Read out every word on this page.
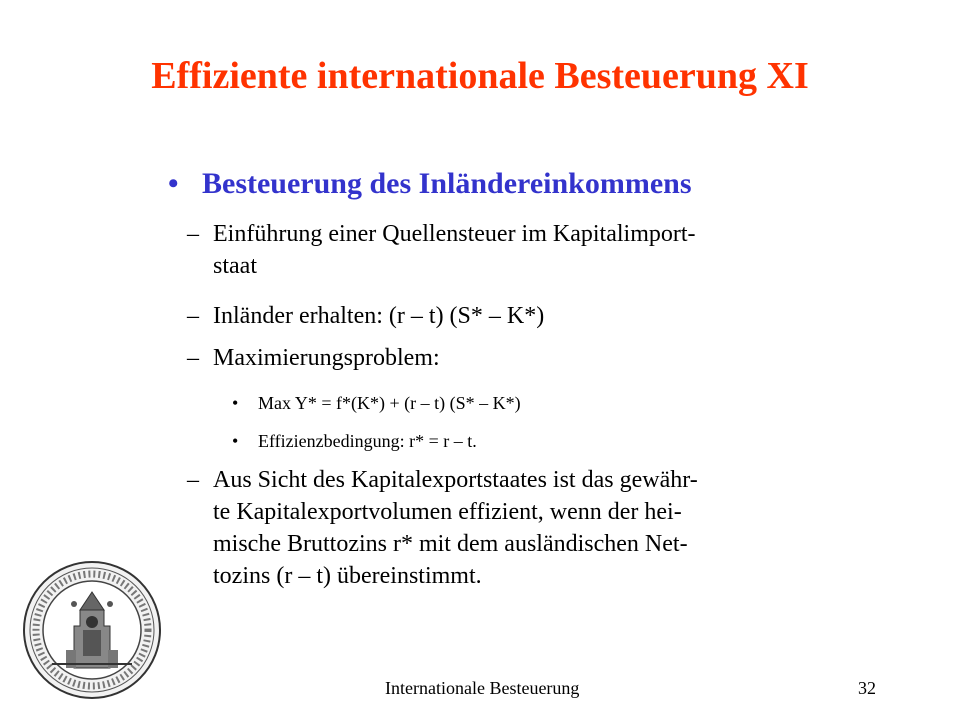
Effiziente internationale Besteuerung XI
• Besteuerung des Inländereinkommens
– Einführung einer Quellensteuer im Kapitalimport-
staat
– Inländer erhalten: (r – t) (S* – K*)
– Maximierungsproblem:
• Max Y* = f*(K*) + (r – t) (S* – K*)
• Effizienzbedingung: r* = r – t.
– Aus Sicht des Kapitalexportstaates ist das gewähr-
te Kapitalexportvolumen effizient, wenn der hei-
mische Bruttozins r* mit dem ausländischen Net-
tozins (r – t) übereinstimmt.
Internationale Besteuerung	32
